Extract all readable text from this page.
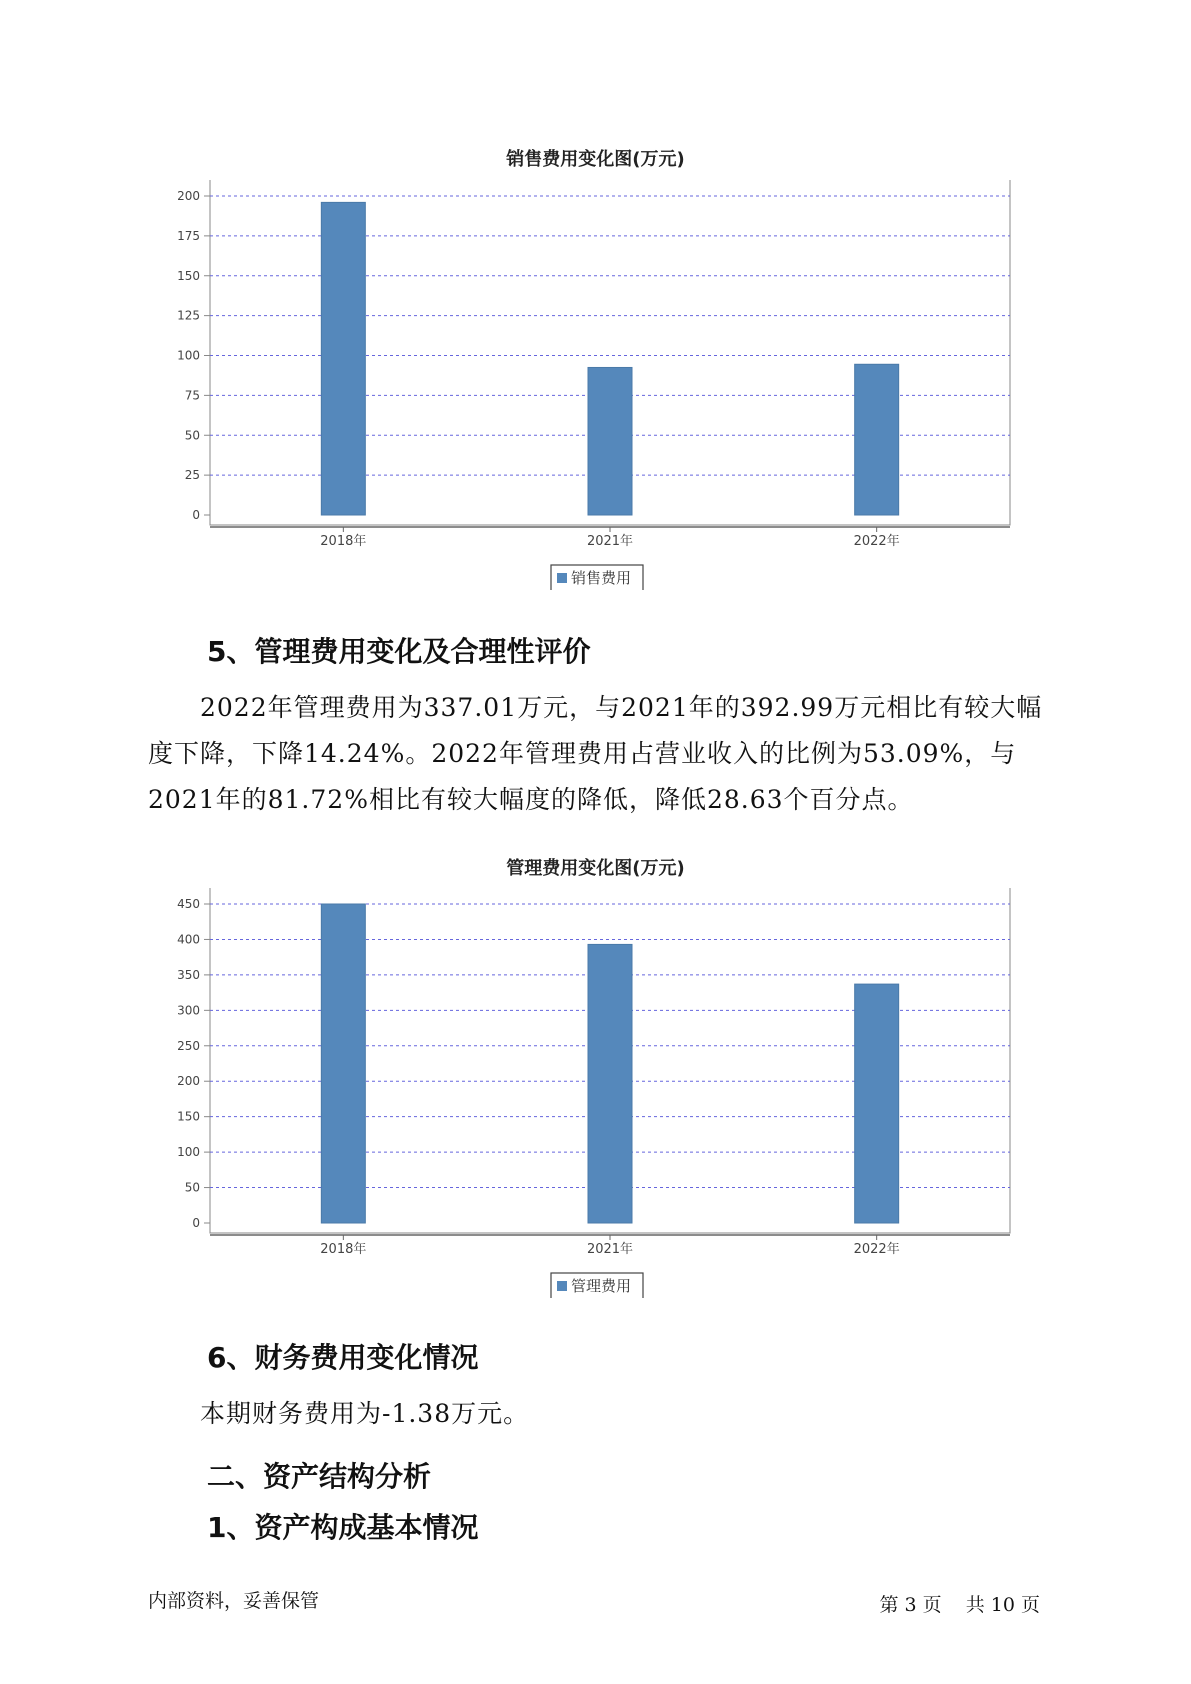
销售费用变化图(万元)
0
25
50
75
100
125
150
175
200
2018年	2021年	2022年
销售费用
5、管理费用变化及合理性评价
2022年管理费用为337.01万元，与2021年的392.99万元相比有较大幅度下降，下降14.24%。2022年管理费用占营业收入的比例为53.09%，与2021年的81.72%相比有较大幅度的降低，降低28.63个百分点。
管理费用变化图(万元)
0
50
100
150
200
250
300
350
400
450
2018年	2021年	2022年
管理费用
6、财务费用变化情况
本期财务费用为-1.38万元。
二、资产结构分析
1、资产构成基本情况
内部资料，妥善保管	第 3 页 共 10 页
